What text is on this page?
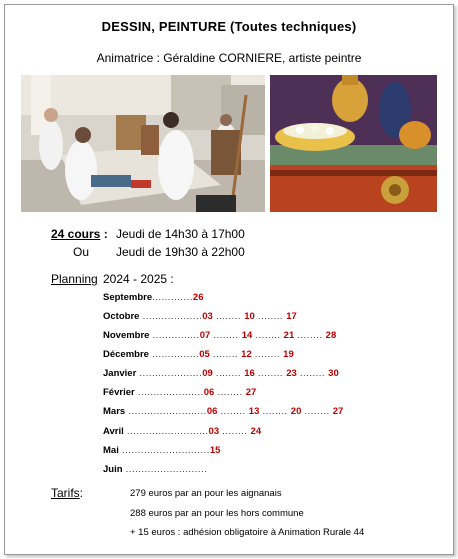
DESSIN, PEINTURE (Toutes techniques)
Animatrice : Géraldine CORNIERE, artiste peintre
24 cours : Jeudi de 14h30 à 17h00
Ou Jeudi de 19h30 à 22h00
Planning 2024 - 2025 :
Septembre.............26
Octobre ...................03 ........ 10 ........ 17
Novembre ...............07 ........ 14 ........ 21 ........ 28
Décembre ...............05 ........ 12 ........ 19
Janvier ....................09 ........ 16 ........ 23 ........ 30
Février .....................06 ........ 27
Mars .........................06 ........ 13 ........ 20 ........ 27
Avril ..........................03 ........ 24
Mai ............................15
Juin ..........................
Tarifs:	279 euros par an pour les aignanais
288 euros par an pour les hors commune
+ 15 euros : adhésion obligatoire à Animation Rurale 44
